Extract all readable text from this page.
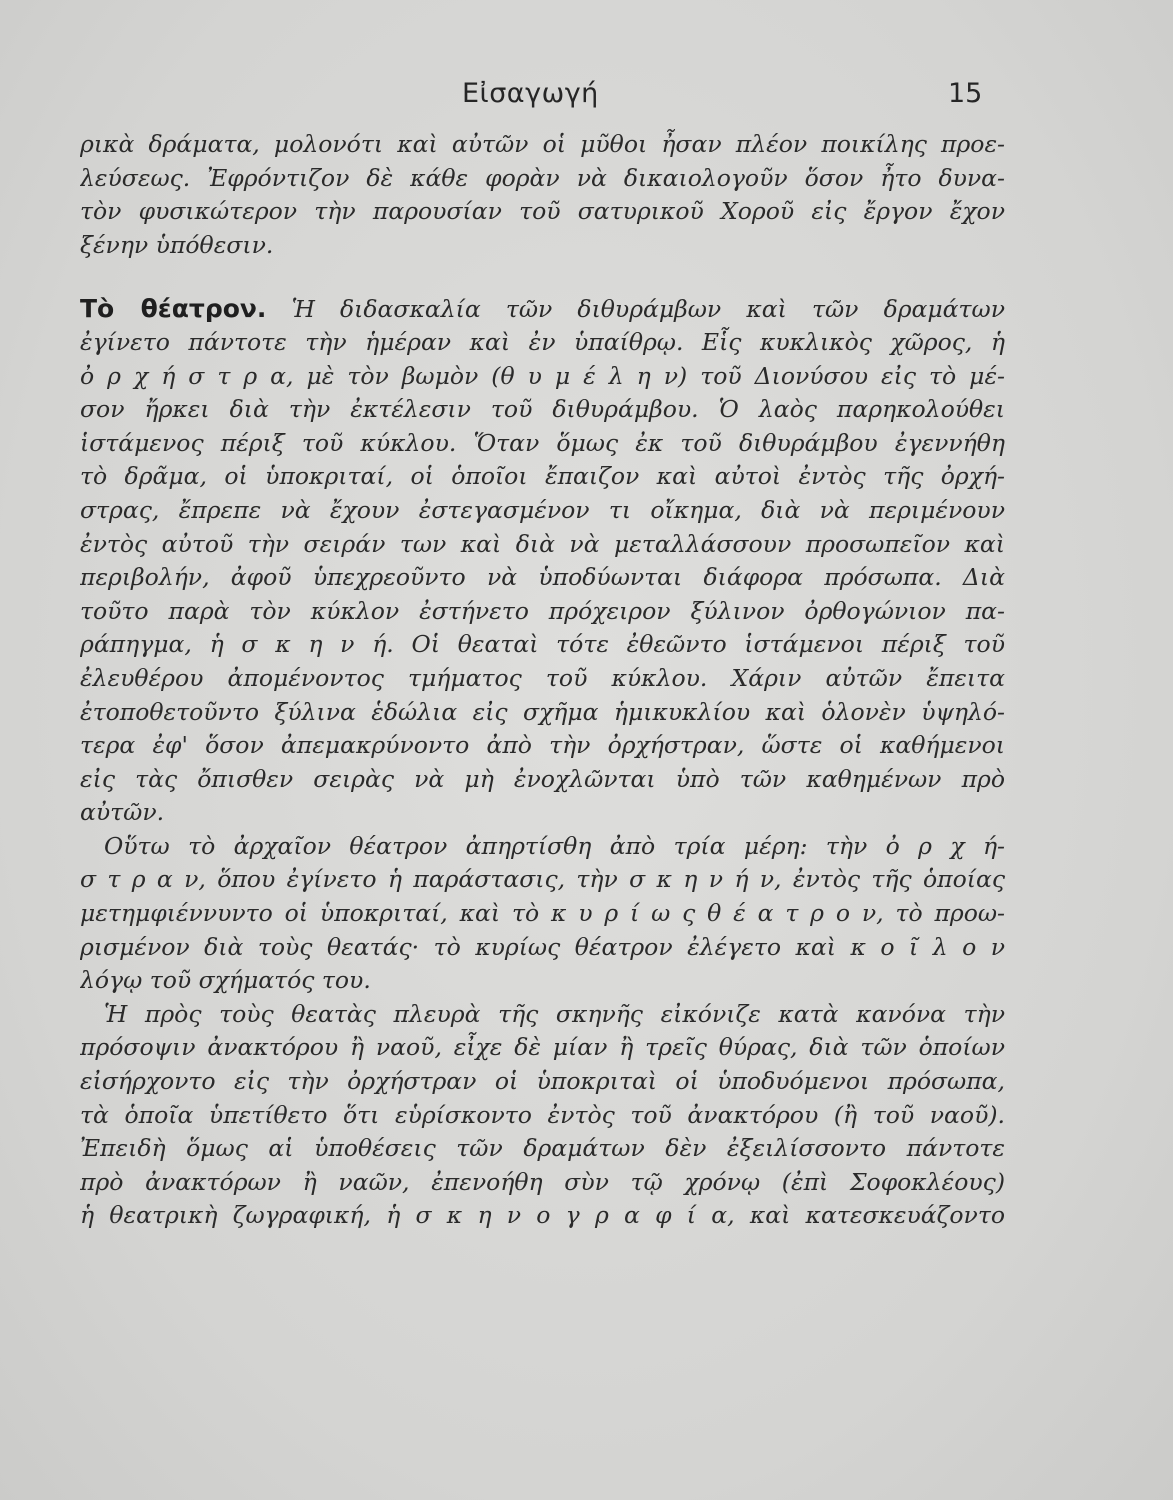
Εἰσαγωγή	15
ρικὰ δράματα, μολονότι καὶ αὐτῶν οἱ μῦθοι ἦσαν πλέον ποικίλης προε-
λεύσεως. Ἐφρόντιζον δὲ κάθε φορὰν νὰ δικαιολογοῦν ὅσον ἦτο δυνα-
τὸν φυσικώτερον τὴν παρουσίαν τοῦ σατυρικοῦ Χοροῦ εἰς ἔργον ἔχον
ξένην ὑπόθεσιν.
Τὸ θέατρον. Ἡ διδασκαλία τῶν διθυράμβων καὶ τῶν δραμάτων
ἐγίνετο πάντοτε τὴν ἡμέραν καὶ ἐν ὑπαίθρῳ. Εἷς κυκλικὸς χῶρος, ἡ
ὀ ρ χ ή σ τ ρ α, μὲ τὸν βωμὸν (θ υ μ έ λ η ν) τοῦ Διονύσου εἰς τὸ μέ-
σον ἤρκει διὰ τὴν ἐκτέλεσιν τοῦ διθυράμβου. Ὁ λαὸς παρηκολούθει
ἱστάμενος πέριξ τοῦ κύκλου. Ὅταν ὅμως ἐκ τοῦ διθυράμβου ἐγεννήθη
τὸ δρᾶμα, οἱ ὑποκριταί, οἱ ὁποῖοι ἔπαιζον καὶ αὐτοὶ ἐντὸς τῆς ὀρχή-
στρας, ἔπρεπε νὰ ἔχουν ἐστεγασμένον τι οἴκημα, διὰ νὰ περιμένουν
ἐντὸς αὐτοῦ τὴν σειράν των καὶ διὰ νὰ μεταλλάσσουν προσωπεῖον καὶ
περιβολήν, ἀφοῦ ὑπεχρεοῦντο νὰ ὑποδύωνται διάφορα πρόσωπα. Διὰ
τοῦτο παρὰ τὸν κύκλον ἐστήνετο πρόχειρον ξύλινον ὀρθογώνιον πα-
ράπηγμα, ἡ σ κ η ν ή. Οἱ θεαταὶ τότε ἐθεῶντο ἱστάμενοι πέριξ τοῦ
ἐλευθέρου ἀπομένοντος τμήματος τοῦ κύκλου. Χάριν αὐτῶν ἔπειτα
ἐτοποθετοῦντο ξύλινα ἑδώλια εἰς σχῆμα ἡμικυκλίου καὶ ὁλονὲν ὑψηλό-
τερα ἐφ' ὅσον ἀπεμακρύνοντο ἀπὸ τὴν ὀρχήστραν, ὥστε οἱ καθήμενοι
εἰς τὰς ὄπισθεν σειρὰς νὰ μὴ ἐνοχλῶνται ὑπὸ τῶν καθημένων πρὸ
αὐτῶν.
Οὕτω τὸ ἀρχαῖον θέατρον ἀπηρτίσθη ἀπὸ τρία μέρη: τὴν ὀ ρ χ ή-
σ τ ρ α ν, ὅπου ἐγίνετο ἡ παράστασις, τὴν σ κ η ν ή ν, ἐντὸς τῆς ὁποίας
μετημφιέννυντο οἱ ὑποκριταί, καὶ τὸ κ υ ρ ί ω ς θ έ α τ ρ ο ν, τὸ προω-
ρισμένον διὰ τοὺς θεατάς· τὸ κυρίως θέατρον ἐλέγετο καὶ κ ο ῖ λ ο ν
λόγῳ τοῦ σχήματός του.
Ἡ πρὸς τοὺς θεατὰς πλευρὰ τῆς σκηνῆς εἰκόνιζε κατὰ κανόνα τὴν
πρόσοψιν ἀνακτόρου ἢ ναοῦ, εἶχε δὲ μίαν ἢ τρεῖς θύρας, διὰ τῶν ὁποίων
εἰσήρχοντο εἰς τὴν ὀρχήστραν οἱ ὑποκριταὶ οἱ ὑποδυόμενοι πρόσωπα,
τὰ ὁποῖα ὑπετίθετο ὅτι εὑρίσκοντο ἐντὸς τοῦ ἀνακτόρου (ἢ τοῦ ναοῦ).
Ἐπειδὴ ὅμως αἱ ὑποθέσεις τῶν δραμάτων δὲν ἐξειλίσσοντο πάντοτε
πρὸ ἀνακτόρων ἢ ναῶν, ἐπενοήθη σὺν τῷ χρόνῳ (ἐπὶ Σοφοκλέους)
ἡ θεατρικὴ ζωγραφική, ἡ σ κ η ν ο γ ρ α φ ί α, καὶ κατεσκευάζοντο
